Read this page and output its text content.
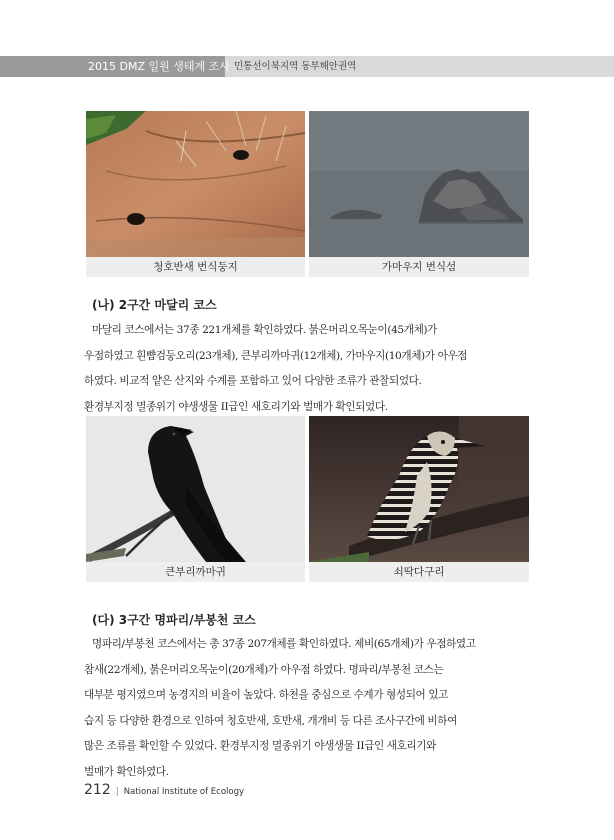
2015 DMZ 일원 생태계 조사 민통선이북지역 동부해안권역
청호반새 번식둥지	가마우지 번식섬
(나) 2구간 마달리 코스
마달리 코스에서는 37종 221개체를 확인하였다. 붉은머리오목눈이(45개체)가
우점하였고 흰뺨검둥오리(23개체), 큰부리까마귀(12개체), 가마우지(10개체)가 아우점
하였다. 비교적 얕은 산지와 수계를 포함하고 있어 다양한 조류가 관찰되었다.
환경부지정 멸종위기 야생생물 II급인 새호리기와 벌매가 확인되었다.
큰부리까마귀	쇠딱다구리
(다) 3구간 명파리/부봉천 코스
명파리/부봉천 코스에서는 총 37종 207개체를 확인하였다. 제비(65개체)가 우점하였고
참새(22개체), 붉은머리오목눈이(20개체)가 아우점 하였다. 명파리/부봉천 코스는
대부분 평지였으며 농경지의 비율이 높았다. 하천을 중심으로 수계가 형성되어 있고
습지 등 다양한 환경으로 인하여 청호반새, 호반새, 개개비 등 다른 조사구간에 비하여
많은 조류를 확인할 수 있었다. 환경부지정 멸종위기 야생생물 II급인 새호리기와
벌매가 확인하였다.
212 | National Institute of Ecology
